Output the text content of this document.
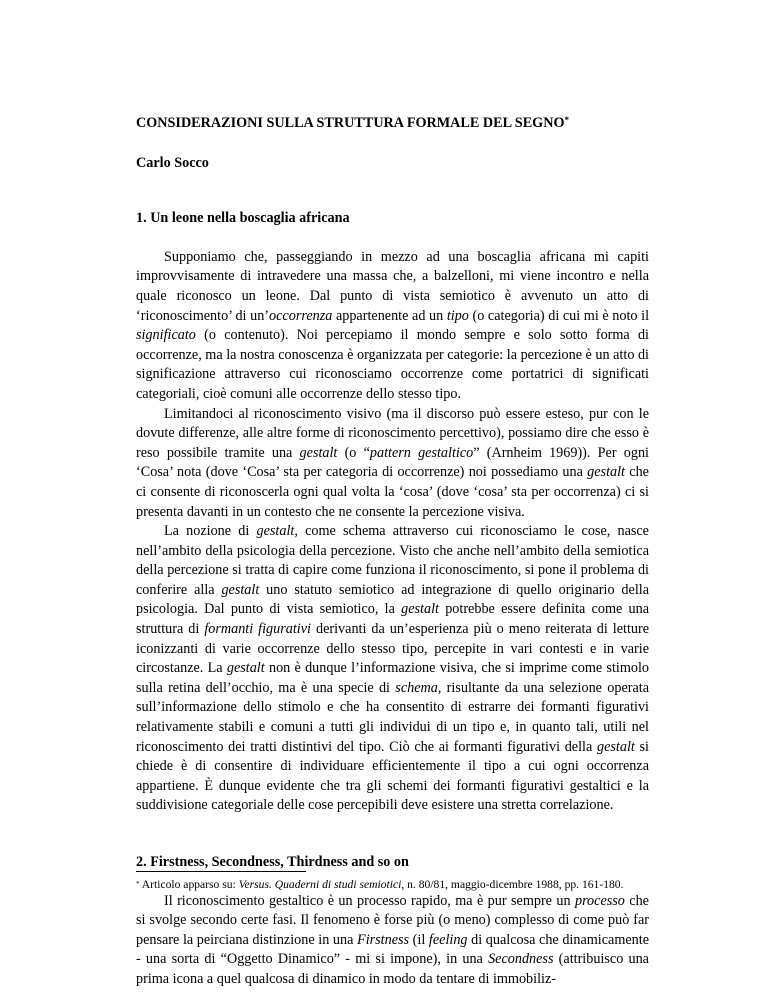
CONSIDERAZIONI SULLA STRUTTURA FORMALE DEL SEGNO*
Carlo Socco
1. Un leone nella boscaglia africana

Supponiamo che, passeggiando in mezzo ad una boscaglia africana mi capiti improvvisamente di intravedere una massa che, a balzelloni, mi viene incontro e nella quale riconosco un leone. Dal punto di vista semiotico è avvenuto un atto di ‘riconoscimento’ di un’occorrenza appartenente ad un tipo (o categoria) di cui mi è noto il significato (o contenuto). Noi percepiamo il mondo sempre e solo sotto forma di occorrenze, ma la nostra conoscenza è organizzata per categorie: la percezione è un atto di significazione attraverso cui riconosciamo occorrenze come portatrici di significati categoriali, cioè comuni alle occorrenze dello stesso tipo.

Limitandoci al riconoscimento visivo (ma il discorso può essere esteso, pur con le dovute differenze, alle altre forme di riconoscimento percettivo), possiamo dire che esso è reso possibile tramite una gestalt (o “pattern gestaltico” (Arnheim 1969)). Per ogni ‘Cosa’ nota (dove ‘Cosa’ sta per categoria di occorrenze) noi possediamo una gestalt che ci consente di riconoscerla ogni qual volta la ‘cosa’ (dove ‘cosa’ sta per occorrenza) ci si presenta davanti in un contesto che ne consente la percezione visiva.

La nozione di gestalt, come schema attraverso cui riconosciamo le cose, nasce nell’ambito della psicologia della percezione. Visto che anche nell’ambito della semiotica della percezione si tratta di capire come funziona il riconoscimento, si pone il problema di conferire alla gestalt uno statuto semiotico ad integrazione di quello originario della psicologia. Dal punto di vista semiotico, la gestalt potrebbe essere definita come una struttura di formanti figurativi derivanti da un’esperienza più o meno reiterata di letture iconizzanti di varie occorrenze dello stesso tipo, percepite in vari contesti e in varie circostanze. La gestalt non è dunque l’informazione visiva, che si imprime come stimolo sulla retina dell’occhio, ma è una specie di schema, risultante da una selezione operata sull’informazione dello stimolo e che ha consentito di estrarre dei formanti figurativi relativamente stabili e comuni a tutti gli individui di un tipo e, in quanto tali, utili nel riconoscimento dei tratti distintivi del tipo. Ciò che ai formanti figurativi della gestalt si chiede è di consentire di individuare efficientemente il tipo a cui ogni occorrenza appartiene. È dunque evidente che tra gli schemi dei formanti figurativi gestaltici e la suddivisione categoriale delle cose percepibili deve esistere una stretta correlazione.

2. Firstness, Secondness, Thirdness and so on

Il riconoscimento gestaltico è un processo rapido, ma è pur sempre un processo che si svolge secondo certe fasi. Il fenomeno è forse più (o meno) complesso di come può far pensare la peirciana distinzione in una Firstness (il feeling di qualcosa che dinamicamente - una sorta di “Oggetto Dinamico” - mi si impone), in una Secondness (attribuisco una prima icona a quel qualcosa di dinamico in modo da tentare di immobiliz-

* Articolo apparso su: Versus. Quaderni di studi semiotici, n. 80/81, maggio-dicembre 1988, pp. 161-180.
